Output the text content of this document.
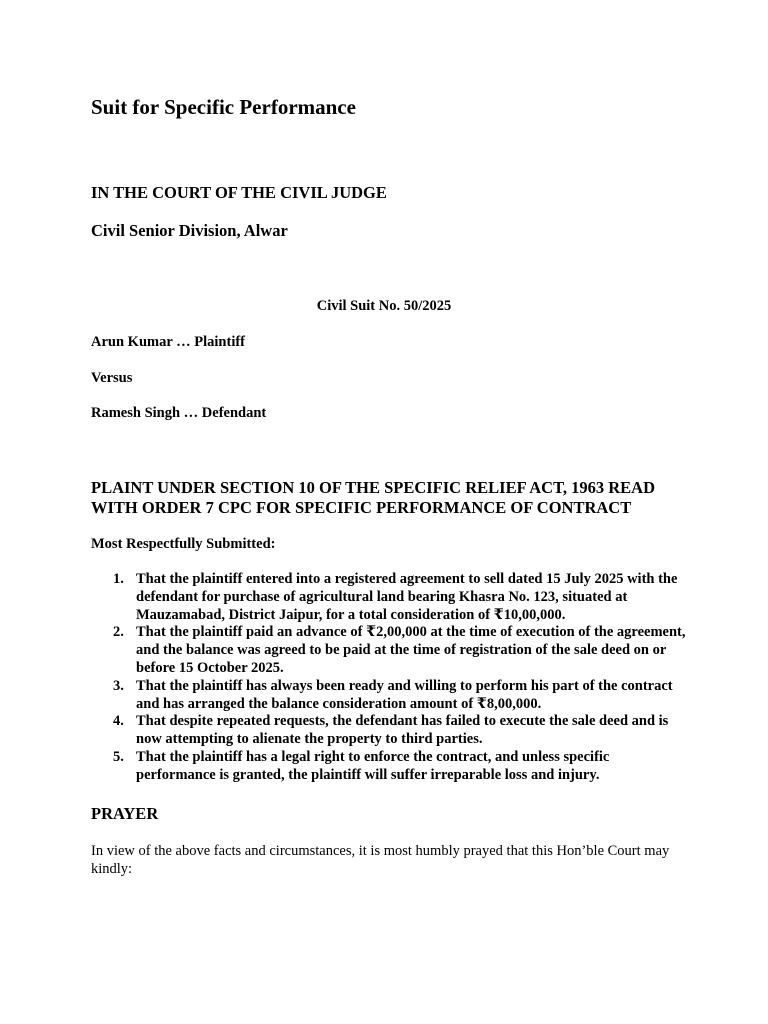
Suit for Specific Performance
IN THE COURT OF THE CIVIL JUDGE
Civil Senior Division, Alwar

Civil Suit No. 50/2025

Arun Kumar … Plaintiff

Versus

Ramesh Singh … Defendant

PLAINT UNDER SECTION 10 OF THE SPECIFIC RELIEF ACT, 1963 READ WITH ORDER 7 CPC FOR SPECIFIC PERFORMANCE OF CONTRACT

Most Respectfully Submitted:

1. That the plaintiff entered into a registered agreement to sell dated 15 July 2025 with the defendant for purchase of agricultural land bearing Khasra No. 123, situated at Mauzamabad, District Jaipur, for a total consideration of ₹10,00,000.
2. That the plaintiff paid an advance of ₹2,00,000 at the time of execution of the agreement, and the balance was agreed to be paid at the time of registration of the sale deed on or before 15 October 2025.
3. That the plaintiff has always been ready and willing to perform his part of the contract and has arranged the balance consideration amount of ₹8,00,000.
4. That despite repeated requests, the defendant has failed to execute the sale deed and is now attempting to alienate the property to third parties.
5. That the plaintiff has a legal right to enforce the contract, and unless specific performance is granted, the plaintiff will suffer irreparable loss and injury.
PRAYER

In view of the above facts and circumstances, it is most humbly prayed that this Hon’ble Court may kindly:
